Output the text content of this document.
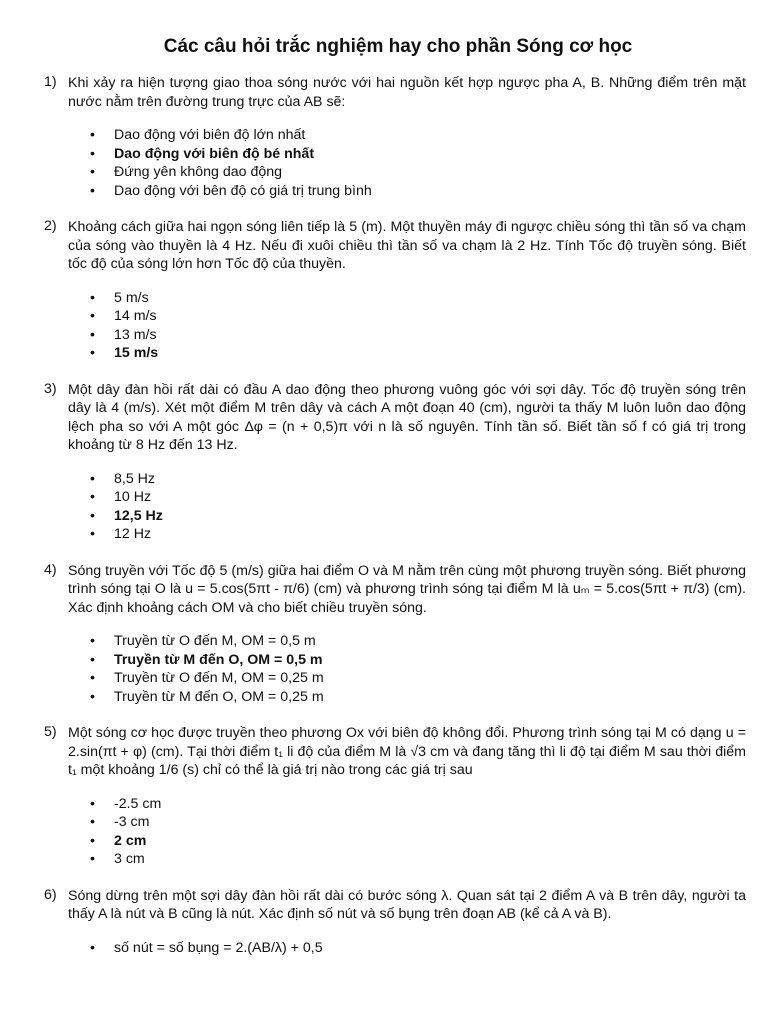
Các câu hỏi trắc nghiệm hay cho phần Sóng cơ học
1) Khi xảy ra hiện tượng giao thoa sóng nước với hai nguồn kết hợp ngược pha A, B. Những điểm trên mặt nước nằm trên đường trung trực của AB sẽ:
• Dao động với biên độ lớn nhất
• Dao động với biên độ bé nhất
• Đứng yên không dao động
• Dao động với bên độ có giá trị trung bình
2) Khoảng cách giữa hai ngọn sóng liên tiếp là 5 (m). Một thuyền máy đi ngược chiều sóng thì tần số va chạm của sóng vào thuyền là 4 Hz. Nếu đi xuôi chiều thì tần số va chạm là 2 Hz. Tính Tốc độ truyền sóng. Biết tốc độ của sóng lớn hơn Tốc độ của thuyền.
• 5 m/s
• 14 m/s
• 13 m/s
• 15 m/s
3) Một dây đàn hồi rất dài có đầu A dao động theo phương vuông góc với sợi dây. Tốc độ truyền sóng trên dây là 4 (m/s). Xét một điểm M trên dây và cách A một đoạn 40 (cm), người ta thấy M luôn luôn dao động lệch pha so với A một góc Δφ = (n + 0,5)π với n là số nguyên. Tính tần số. Biết tần số f có giá trị trong khoảng từ 8 Hz đến 13 Hz.
• 8,5 Hz
• 10 Hz
• 12,5 Hz
• 12 Hz
4) Sóng truyền với Tốc độ 5 (m/s) giữa hai điểm O và M nằm trên cùng một phương truyền sóng. Biết phương trình sóng tại O là u = 5.cos(5πt - π/6) (cm) và phương trình sóng tại điểm M là uₘ = 5.cos(5πt + π/3) (cm). Xác định khoảng cách OM và cho biết chiều truyền sóng.
• Truyền từ O đến M, OM = 0,5 m
• Truyền từ M đến O, OM = 0,5 m
• Truyền từ O đến M, OM = 0,25 m
• Truyền từ M đến O, OM = 0,25 m
5) Một sóng cơ học được truyền theo phương Ox với biên độ không đổi. Phương trình sóng tại M có dạng u = 2.sin(πt + φ) (cm). Tại thời điểm t₁ li độ của điểm M là √3 cm và đang tăng thì li độ tại điểm M sau thời điểm t₁ một khoảng 1/6 (s) chỉ có thể là giá trị nào trong các giá trị sau
• -2.5 cm
• -3 cm
• 2 cm
• 3 cm
6) Sóng dừng trên một sợi dây đàn hồi rất dài có bước sóng λ. Quan sát tại 2 điểm A và B trên dây, người ta thấy A là nút và B cũng là nút. Xác định số nút và số bụng trên đoạn AB (kể cả A và B).
• số nút = số bụng = 2.(AB/λ) + 0,5
